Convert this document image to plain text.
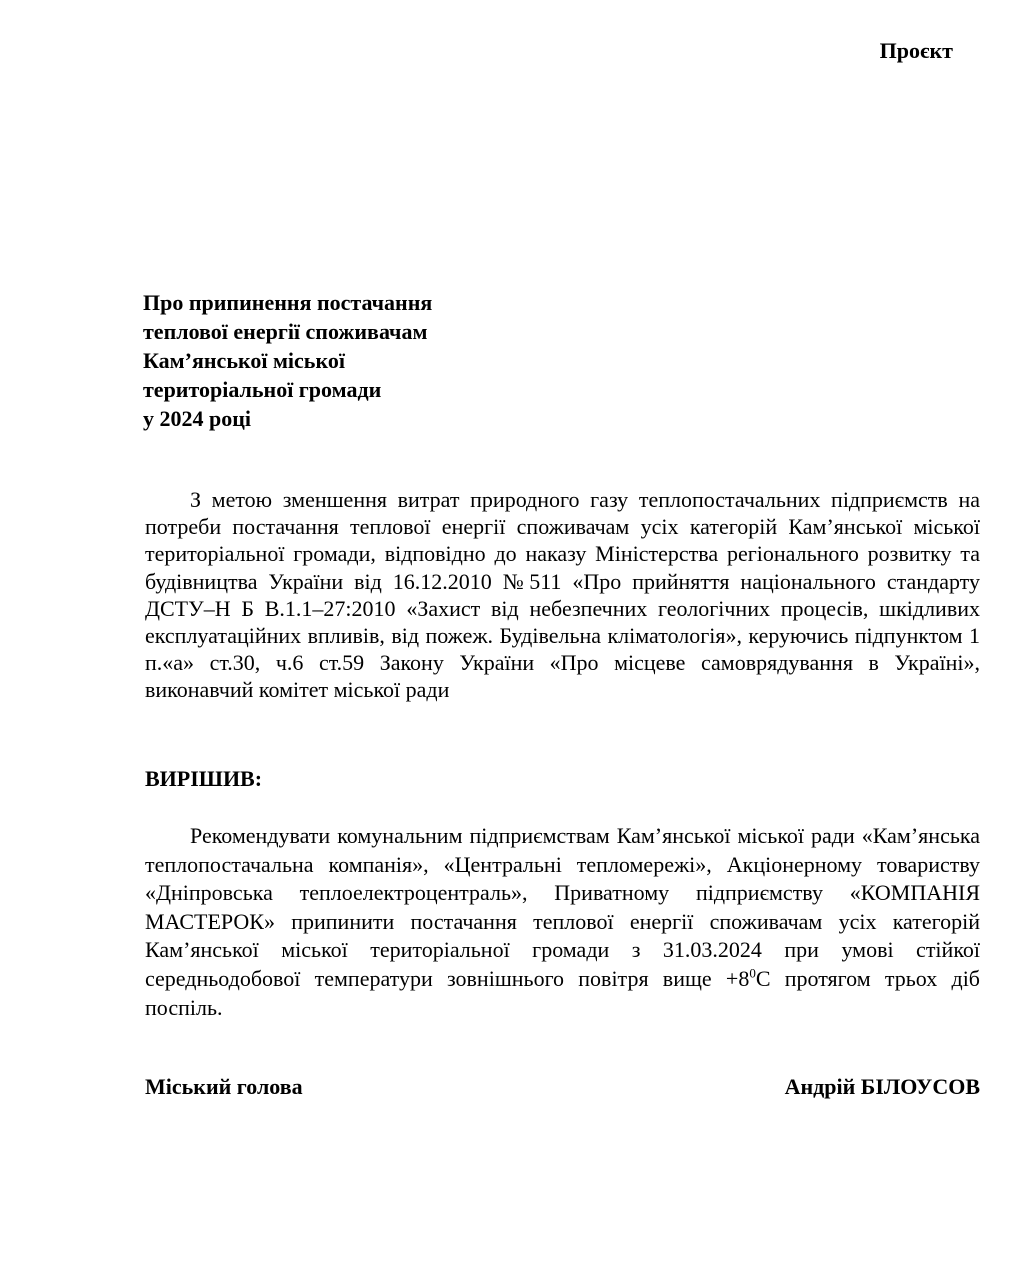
Проєкт
Про припинення постачання
теплової енергії споживачам
Кам’янської міської
територіальної громади
у 2024 році

З метою зменшення витрат природного газу теплопостачальних підприємств на потреби постачання теплової енергії споживачам усіх категорій Кам’янської міської територіальної громади, відповідно до наказу Міністерства регіонального розвитку та будівництва України від 16.12.2010 №511 «Про прийняття національного стандарту ДСТУ–Н Б В.1.1–27:2010 «Захист від небезпечних геологічних процесів, шкідливих експлуатаційних впливів, від пожеж. Будівельна кліматологія», керуючись підпунктом 1 п.«а» ст.30, ч.6 ст.59 Закону України «Про місцеве самоврядування в Україні», виконавчий комітет міської ради

ВИРІШИВ:

Рекомендувати комунальним підприємствам Кам’янської міської ради «Кам’янська теплопостачальна компанія», «Центральні тепломережі», Акціонерному товариству «Дніпровська теплоелектроцентраль», Приватному підприємству «КОМПАНІЯ МАСТЕРОК» припинити постачання теплової енергії споживачам усіх категорій Кам’янської міської територіальної громади з 31.03.2024 при умові стійкої середньодобової температури зовнішнього повітря вище $+8^0С$ протягом трьох діб поспіль.

Міський голова	Андрій БІЛОУСОВ
